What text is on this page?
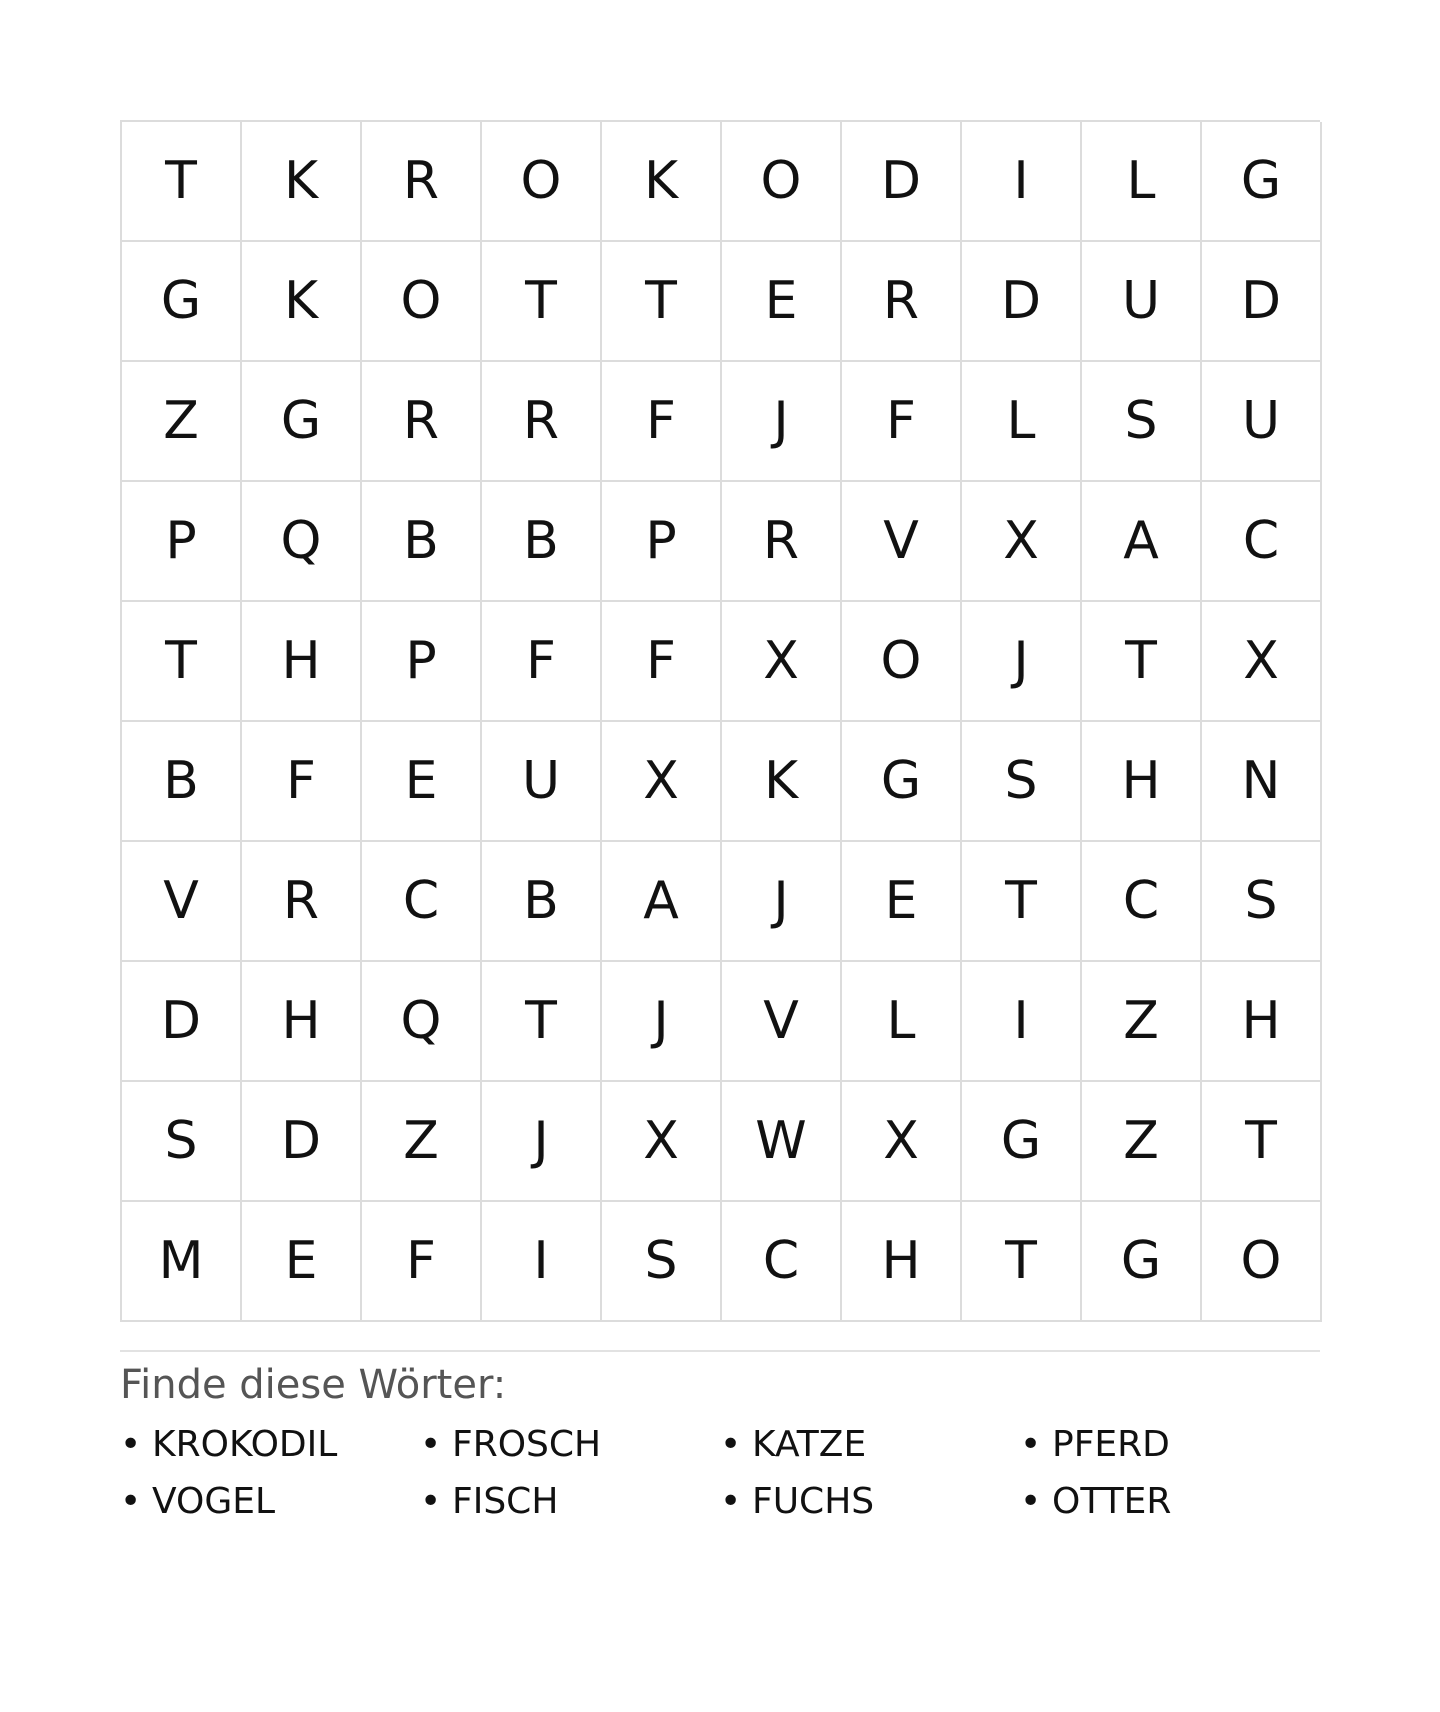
T	K	R	O	K	O	D	I	L	G
G	K	O	T	T	E	R	D	U	D
Z	G	R	R	F	J	F	L	S	U
P	Q	B	B	P	R	V	X	A	C
T	H	P	F	F	X	O	J	T	X
B	F	E	U	X	K	G	S	H	N
V	R	C	B	A	J	E	T	C	S
D	H	Q	T	J	V	L	I	Z	H
S	D	Z	J	X	W	X	G	Z	T
M	E	F	I	S	C	H	T	G	O
Finde diese Wörter:
• KROKODIL • FROSCH	• KATZE	• PFERD
• VOGEL	• FISCH	• FUCHS	• OTTER
